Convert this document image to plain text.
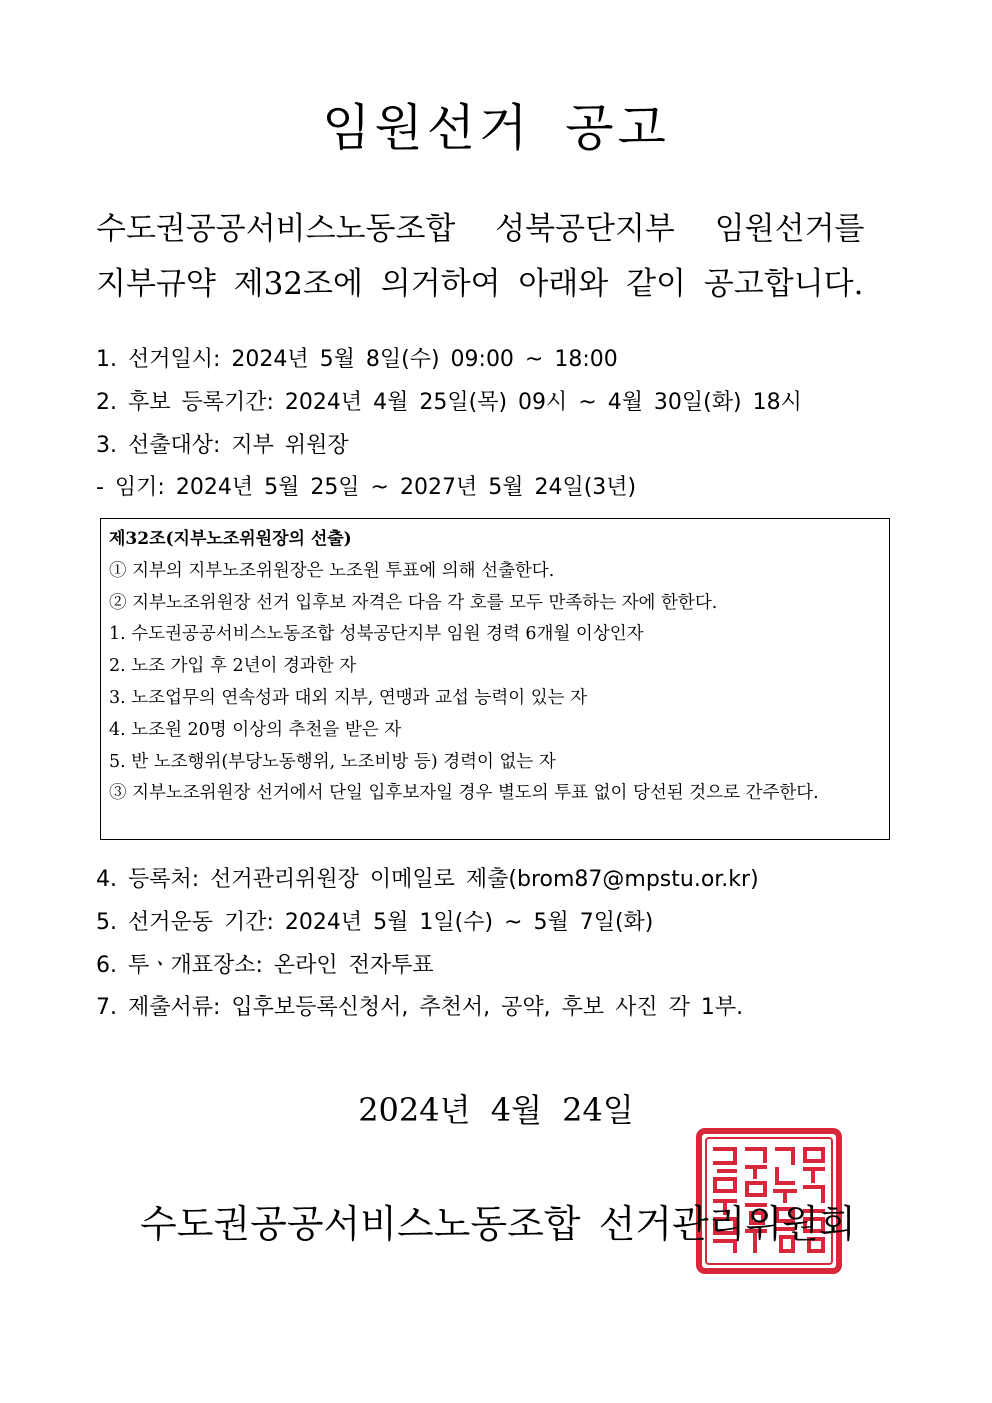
임원선거 공고
수도권공공서비스노동조합 성북공단지부 임원선거를
지부규약 제32조에 의거하여 아래와 같이 공고합니다.
1. 선거일시: 2024년 5월 8일(수) 09:00 ~ 18:00
2. 후보 등록기간: 2024년 4월 25일(목) 09시 ~ 4월 30일(화) 18시
3. 선출대상: 지부 위원장
- 임기: 2024년 5월 25일 ~ 2027년 5월 24일(3년)
제32조(지부노조위원장의 선출)
① 지부의 지부노조위원장은 노조원 투표에 의해 선출한다.
② 지부노조위원장 선거 입후보 자격은 다음 각 호를 모두 만족하는 자에 한한다.
1. 수도권공공서비스노동조합 성북공단지부 임원 경력 6개월 이상인자
2. 노조 가입 후 2년이 경과한 자
3. 노조업무의 연속성과 대외 지부, 연맹과 교섭 능력이 있는 자
4. 노조원 20명 이상의 추천을 받은 자
5. 반 노조행위(부당노동행위, 노조비방 등) 경력이 없는 자
③ 지부노조위원장 선거에서 단일 입후보자일 경우 별도의 투표 없이 당선된 것으로 간주한다.
4. 등록처: 선거관리위원장 이메일로 제출(brom87@mpstu.or.kr)
5. 선거운동 기간: 2024년 5월 1일(수) ~ 5월 7일(화)
6. 투ㆍ개표장소: 온라인 전자투표
7. 제출서류: 입후보등록신청서, 추천서, 공약, 후보 사진 각 1부.
2024년 4월 24일
수도권공공서비스노동조합 선거관리위원회
